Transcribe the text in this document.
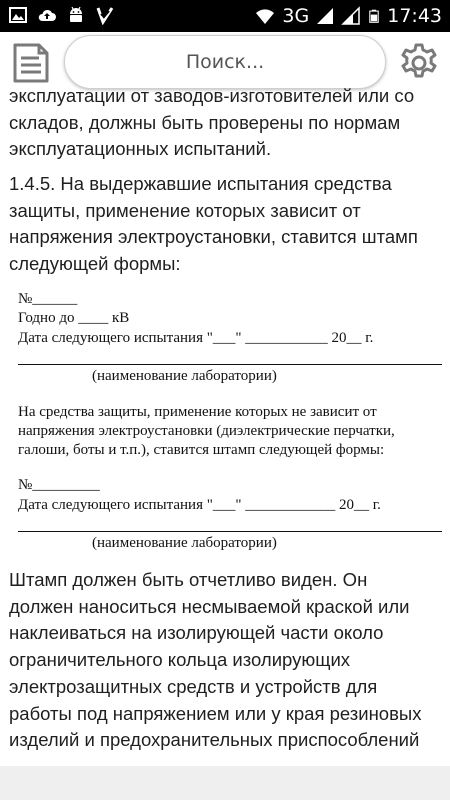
3G	17:43
Поиск...
эксплуатации от заводов-изготовителей или со
складов, должны быть проверены по нормам
эксплуатационных испытаний.
1.4.5. На выдержавшие испытания средства
защиты, применение которых зависит от
напряжения электроустановки, ставится штамп
следующей формы:
№______
Годно до ____ кВ
Дата следующего испытания "___" ___________ 20__ г.
(наименование лаборатории)
На средства защиты, применение которых не зависит от
напряжения электроустановки (диэлектрические перчатки,
галоши, боты и т.п.), ставится штамп следующей формы:
№_________
Дата следующего испытания "___" ____________ 20__ г.
(наименование лаборатории)
Штамп должен быть отчетливо виден. Он
должен наноситься несмываемой краской или
наклеиваться на изолирующей части около
ограничительного кольца изолирующих
электрозащитных средств и устройств для
работы под напряжением или у края резиновых
изделий и предохранительных приспособлений
